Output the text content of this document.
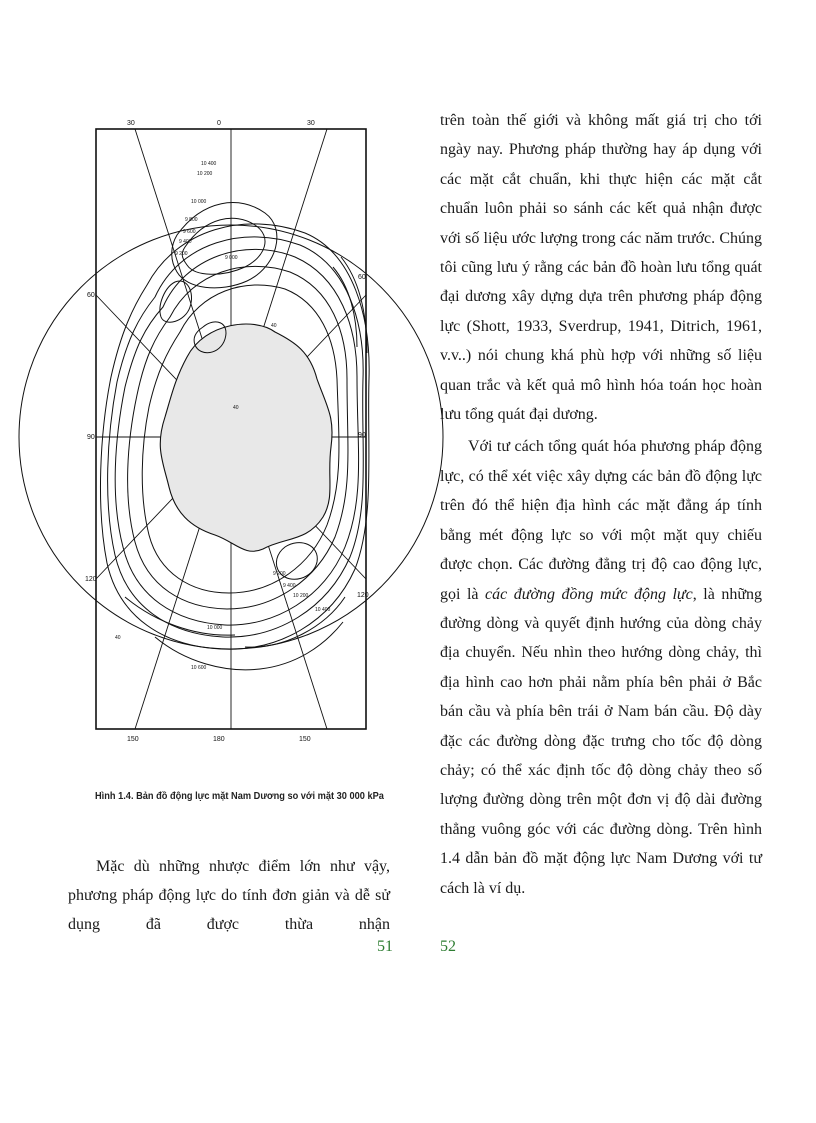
10 400
10 200
10 000
9 800
9 600
9 400
9 200
9 000
10 000
10 200
9 400
9 200
10 600
10 400
40
40
40
30	0	30
60
90
120
60
90
120
150	180	150
Hình 1.4. Bản đồ động lực mặt Nam Dương so với mặt 30 000 kPa

Mặc dù những nhược điểm lớn như vậy, phương pháp động lực do tính đơn giản và dễ sử dụng đã được thừa nhận

51

trên toàn thế giới và không mất giá trị cho tới ngày nay. Phương pháp thường hay áp dụng với các mặt cắt chuẩn, khi thực hiện các mặt cắt chuẩn luôn phải so sánh các kết quả nhận được với số liệu ước lượng trong các năm trước. Chúng tôi cũng lưu ý rằng các bản đồ hoàn lưu tổng quát đại dương xây dựng dựa trên phương pháp động lực (Shott, 1933, Sverdrup, 1941, Ditrich, 1961, v.v..) nói chung khá phù hợp với những số liệu quan trắc và kết quả mô hình hóa toán học hoàn lưu tổng quát đại dương.

Với tư cách tổng quát hóa phương pháp động lực, có thể xét việc xây dựng các bản đồ động lực trên đó thể hiện địa hình các mặt đẳng áp tính bằng mét động lực so với một mặt quy chiếu được chọn. Các đường đẳng trị độ cao động lực, gọi là các đường đồng mức động lực, là những đường dòng và quyết định hướng của dòng chảy địa chuyển. Nếu nhìn theo hướng dòng chảy, thì địa hình cao hơn phải nằm phía bên phải ở Bắc bán cầu và phía bên trái ở Nam bán cầu. Độ dày đặc các đường dòng đặc trưng cho tốc độ dòng chảy; có thể xác định tốc độ dòng chảy theo số lượng đường dòng trên một đơn vị độ dài đường thẳng vuông góc với các đường dòng. Trên hình 1.4 dẫn bản đồ mặt động lực Nam Dương với tư cách là ví dụ.

52
